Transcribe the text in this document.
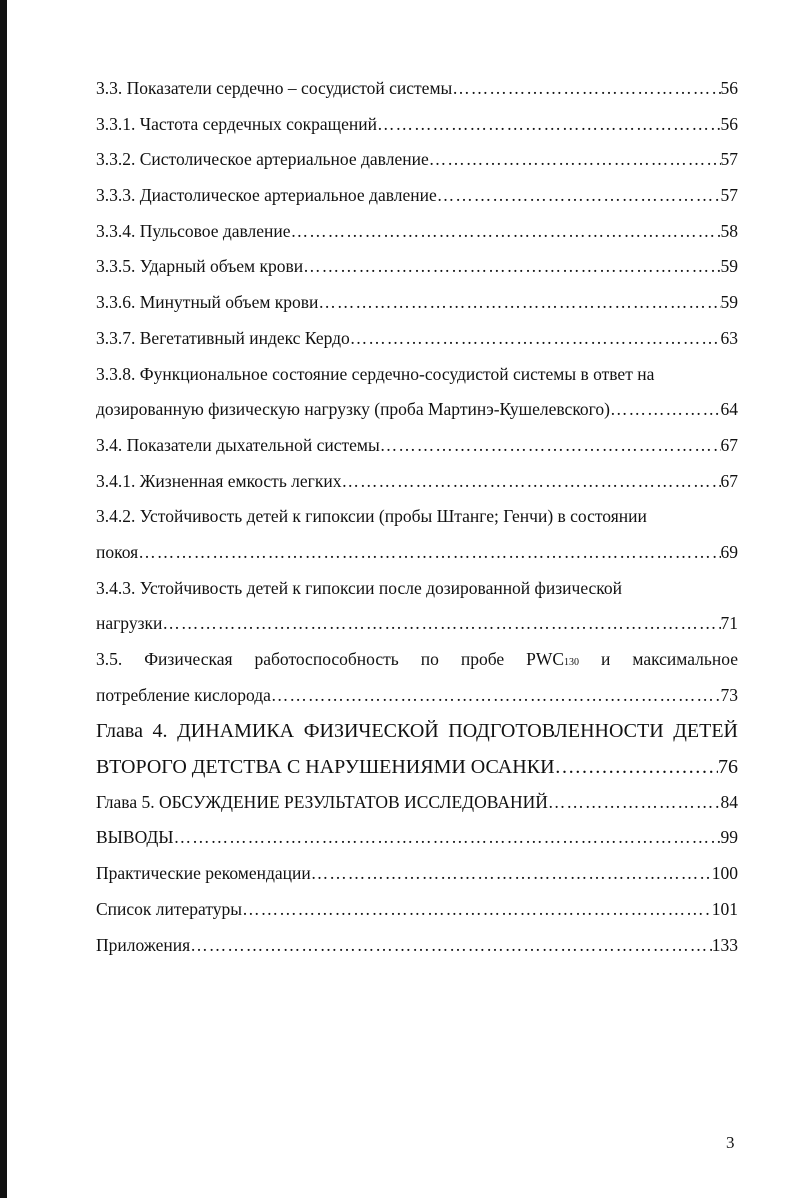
3.3. Показатели сердечно – сосудистой системы ………………………………………………………………………………………………………………………………………………………………………………	56
3.3.1. Частота сердечных сокращений ………………………………………………………………………………………………………………………………………………………………………………	56
3.3.2. Систолическое артериальное давление ………………………………………………………………………………………………………………………………………………………………………………	57
3.3.3. Диастолическое артериальное давление ………………………………………………………………………………………………………………………………………………………………………………	57
3.3.4. Пульсовое давление ………………………………………………………………………………………………………………………………………………………………………………	58
3.3.5. Ударный объем крови ………………………………………………………………………………………………………………………………………………………………………………	59
3.3.6. Минутный объем крови ………………………………………………………………………………………………………………………………………………………………………………	59
3.3.7. Вегетативный индекс Кердо ………………………………………………………………………………………………………………………………………………………………………………	63
3.3.8. Функциональное состояние сердечно-сосудистой системы в ответ на
дозированную физическую нагрузку (проба Мартинэ-Кушелевского) ………………………………………………………………………………………………………………………………………………………………………………	64
3.4. Показатели дыхательной системы ………………………………………………………………………………………………………………………………………………………………………………	67
3.4.1. Жизненная емкость легких ………………………………………………………………………………………………………………………………………………………………………………	67
3.4.2. Устойчивость детей к гипоксии (пробы Штанге; Генчи) в состоянии
покоя ………………………………………………………………………………………………………………………………………………………………………………	69
3.4.3. Устойчивость детей к гипоксии после дозированной физической
нагрузки ………………………………………………………………………………………………………………………………………………………………………………	71
3.5. Физическая работоспособность по пробе PWC130 и максимальное
потребление кислорода ………………………………………………………………………………………………………………………………………………………………………………	73
Глава 4. ДИНАМИКА ФИЗИЧЕСКОЙ ПОДГОТОВЛЕННОСТИ ДЕТЕЙ
ВТОРОГО ДЕТСТВА С НАРУШЕНИЯМИ ОСАНКИ ………………………………………………………………………………………………………………………………………………………………………………	76
Глава 5. ОБСУЖДЕНИЕ РЕЗУЛЬТАТОВ ИССЛЕДОВАНИЙ ………………………………………………………………………………………………………………………………………………………………………………	84
ВЫВОДЫ ………………………………………………………………………………………………………………………………………………………………………………	99
Практические рекомендации ………………………………………………………………………………………………………………………………………………………………………………	100
Список литературы ………………………………………………………………………………………………………………………………………………………………………………	101
Приложения ………………………………………………………………………………………………………………………………………………………………………………	133
3
